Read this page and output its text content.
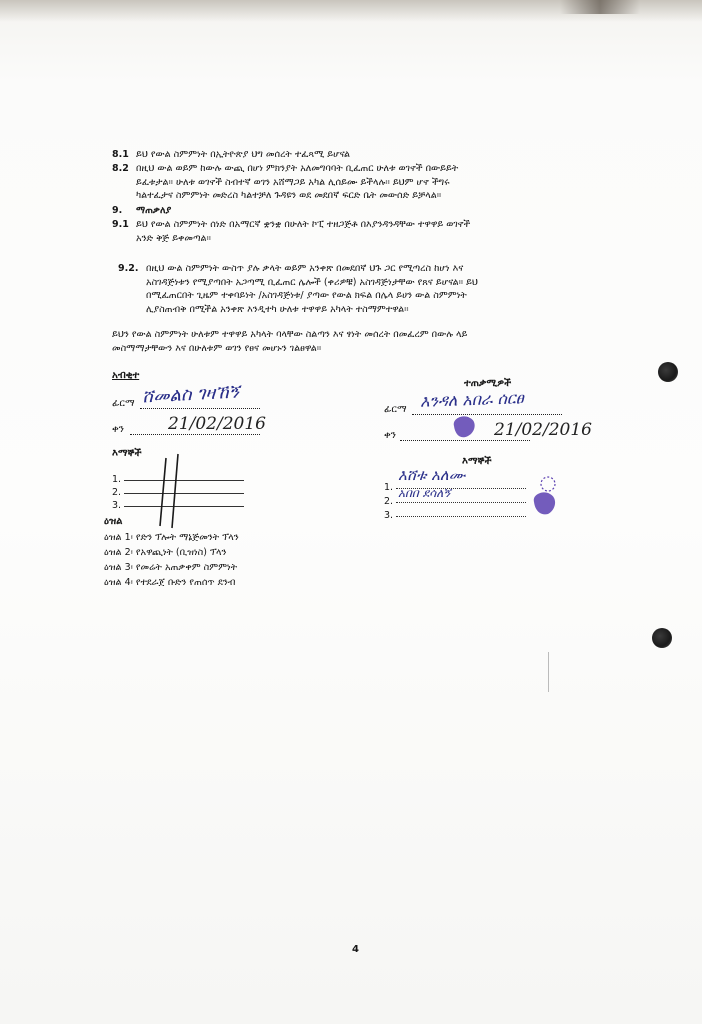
8.1 ይህ የውል ስምምነት በኢትዮጵያ ህግ መሰረት ተፈጻሚ ይሆናል
8.2 በዚህ ውል ወይም ከውሉ ውጪ በሆነ ምክንያት አለመግባባት ቢፈጠር ሁለቱ ወገኖች በውይይት
ይፈቱታል። ሁለቱ ወገኖች ስብተኛ ወገን አሸማጋይ አካል ሊሰይሙ ይችላሉ። ይህም ሆኖ ችግሩ
ካልተፈታና ስምምነት መድረስ ካልተቻለ ጉዳዩን ወደ መደበኛ ፍርድ ቤት መውሰድ ይቻላል።
9. ማጠቃለያ
9.1 ይህ የውል ስምምነት ሰነድ በአማርኛ ቋንቋ በሁለት ኮፒ ተዘጋጅቶ በእያንዳንዳቸው ተዋዋይ ወገኖች
አንድ ቅጅ ይቀመጣል።
9.2. በዚህ ውል ስምምነት ውስጥ ያሉ ቃላት ወይም አንቀጽ በመደበኛ ህጉ ጋር የሚጣረስ ከሆነ እና
አስገዳጅነቱን የሚያጣበት አጋጣሚ ቢፈጠር ሌሎች (ቀሪዎቹ) አስገዳጅነታቸው የጸና ይሆናል። ይህ
በሚፈጠርበት ጊዜም ተቀባይነት /አስገዳጅነቱ/ ያጣው የውል ክፍል በሌላ ይሀን ውል ስምምነት
ሊያስጠብቅ በሚችል አንቀጽ እንዲተካ ሁለቱ ተዋዋይ አካላት ተስማምተዋል።
ይህን የውል ስምምነት ሁለቱም ተዋዋይ አካላት ባላቸው ስልጣን እና ፃነት መሰረት በመፈረም በውሉ ላይ
መስማማታቸውን እና በሁለቱም ወገን የፀና መሆኑን ገልፀዋል።
አብቂተ
ፊርማ ሸመልስ ገዛኸኝ
ቀን	21/02/2016
እማኞች
1.
2.
3.
ዕዝል
ዕዝል 1፡ የድን ፕሎት ማኔጅመንት ፕላን
ዕዝል 2፡ የአዋጪነት (ቢዝነስ) ፕላን
ዕዝል 3፡ የመሬት አጠቃቀም ስምምነት
ዕዝል 4፡ የተደራጀ ቡድን የጠሰጥ ደንብ
ተጠቃሚዎች
ፊርማ እንዳለ አበራ ሰርፀ
ቀን	21/02/2016
እማኞች
1.
2.
3.
እሸቱ አለሙ
አበበ ደሳለኝ
4
